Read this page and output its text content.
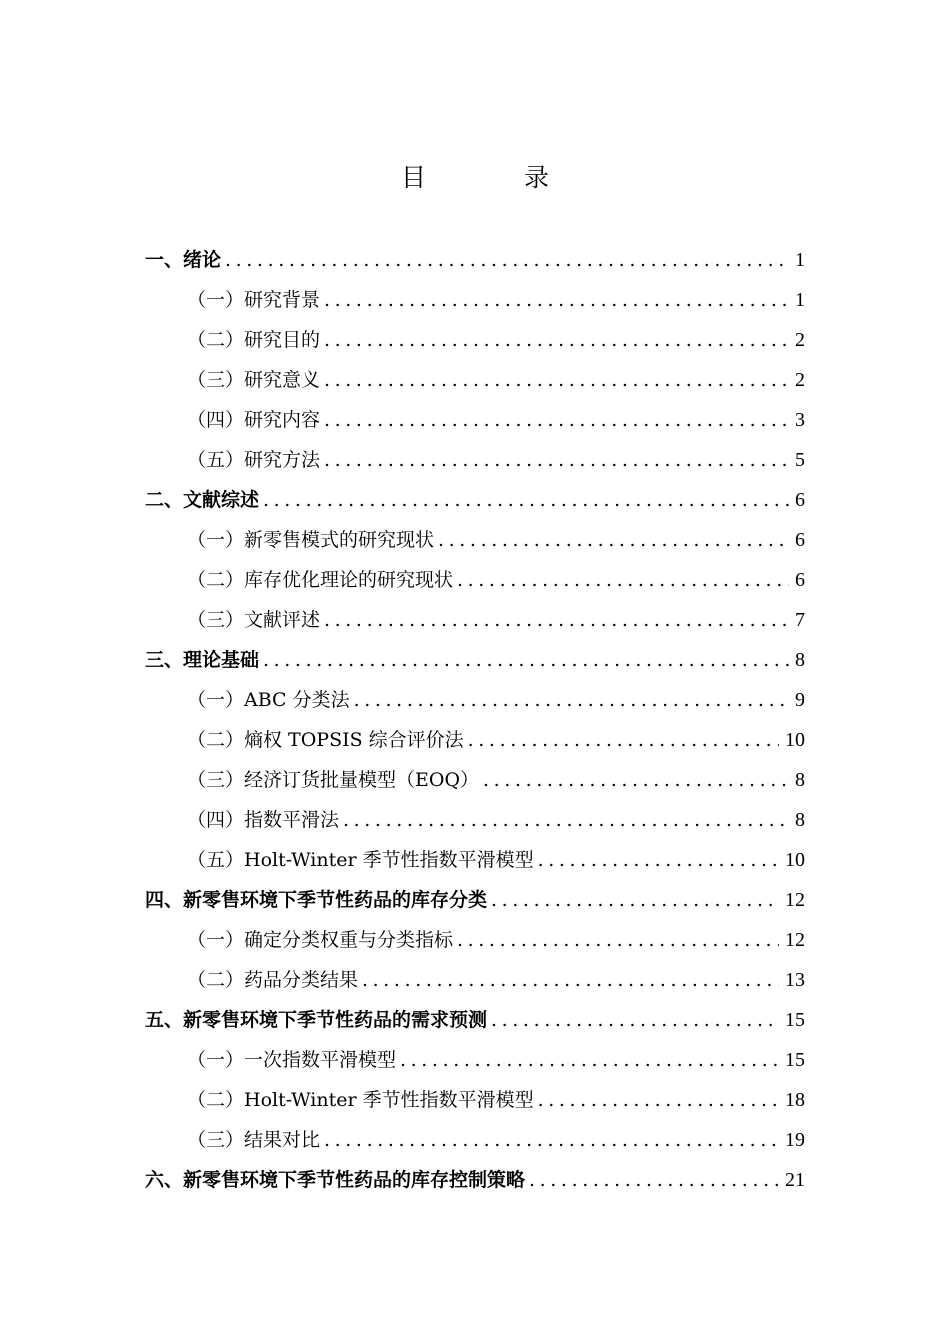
目录
一、绪论 .....	1
（一）研究背景 .....	1
（二）研究目的 .....	2
（三）研究意义 .....	2
（四）研究内容 .....	3
（五）研究方法 .....	5
二、文献综述 .....	6
（一）新零售模式的研究现状 .....	6
（二）库存优化理论的研究现状 .....	6
（三）文献评述 .....	7
三、理论基础 .....	8
（一）ABC 分类法 .....	9
（二）熵权 TOPSIS 综合评价法 .....	10
（三）经济订货批量模型（EOQ） .....	8
（四）指数平滑法 .....	8
（五）Holt-Winter 季节性指数平滑模型 .....	10
四、新零售环境下季节性药品的库存分类 .....	12
（一）确定分类权重与分类指标 .....	12
（二）药品分类结果 .....	13
五、新零售环境下季节性药品的需求预测 .....	15
（一）一次指数平滑模型 .....	15
（二）Holt-Winter 季节性指数平滑模型 .....	18
（三）结果对比 .....	19
六、新零售环境下季节性药品的库存控制策略 .....	21
